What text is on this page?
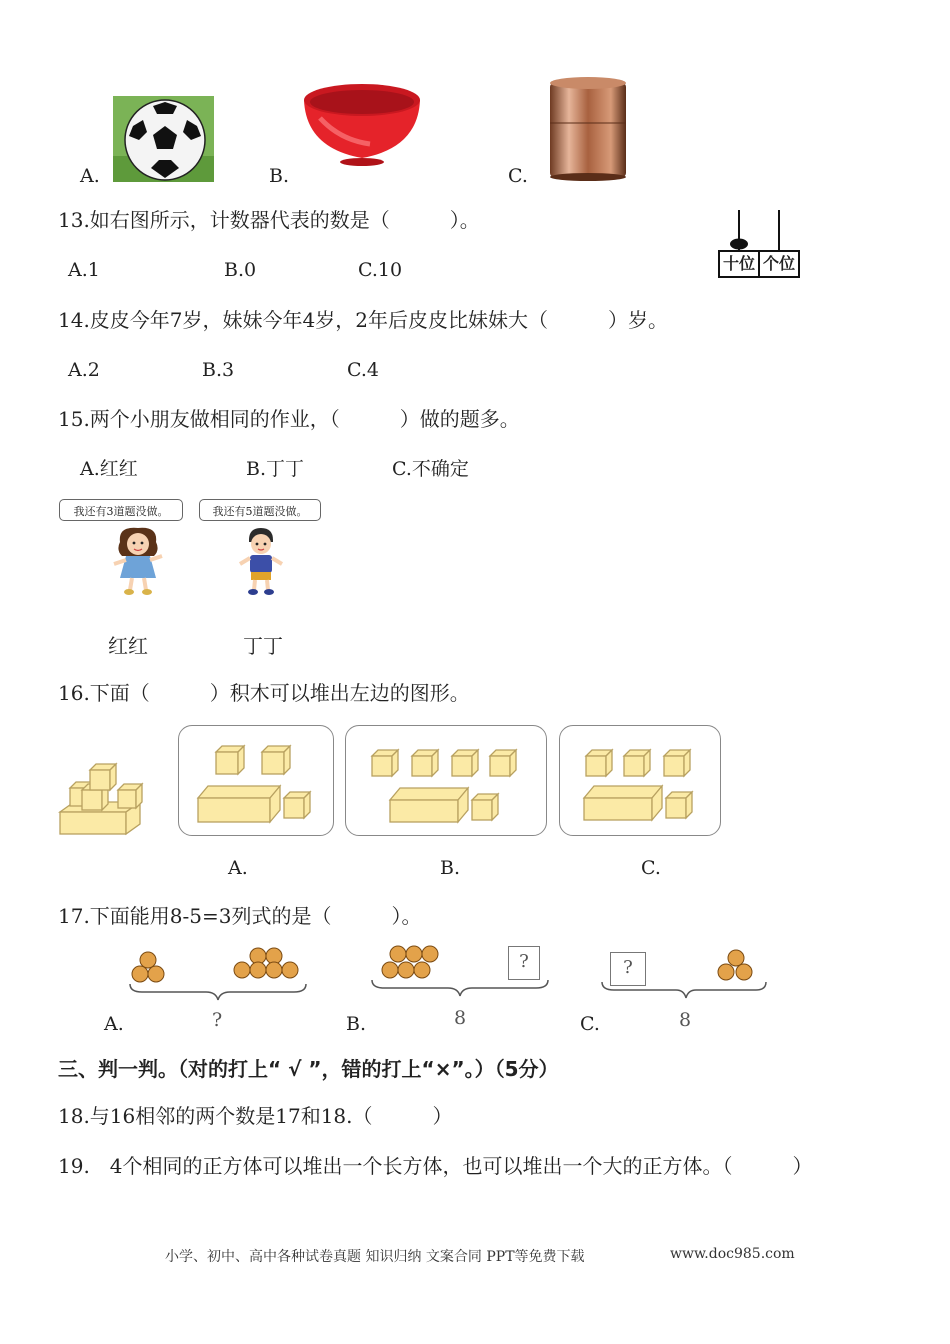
A.	B.	C.
13.如右图所示，计数器代表的数是（　　　）。
A.1	B.0	C.10	十位 个位
14.皮皮今年7岁，妹妹今年4岁，2年后皮皮比妹妹大（　　　）岁。
A.2	B.3	C.4
15.两个小朋友做相同的作业，（　　　）做的题多。
A.红红	B.丁丁	C.不确定
我还有3道题没做。	我还有5道题没做。
红红	丁丁
16.下面（　　　）积木可以堆出左边的图形。
A.	B.	C.
17.下面能用8-5=3列式的是（　　　）。
A.	?
?
B.	8
?
C.	8
三、判一判。（对的打上“ √ ”，错的打上“×”。）（5分）
18.与16相邻的两个数是17和18.（　　　）
19.　4个相同的正方体可以堆出一个长方体，也可以堆出一个大的正方体。（　　　）
小学、初中、高中各种试卷真题 知识归纳 文案合同 PPT等免费下载	www.doc985.com
